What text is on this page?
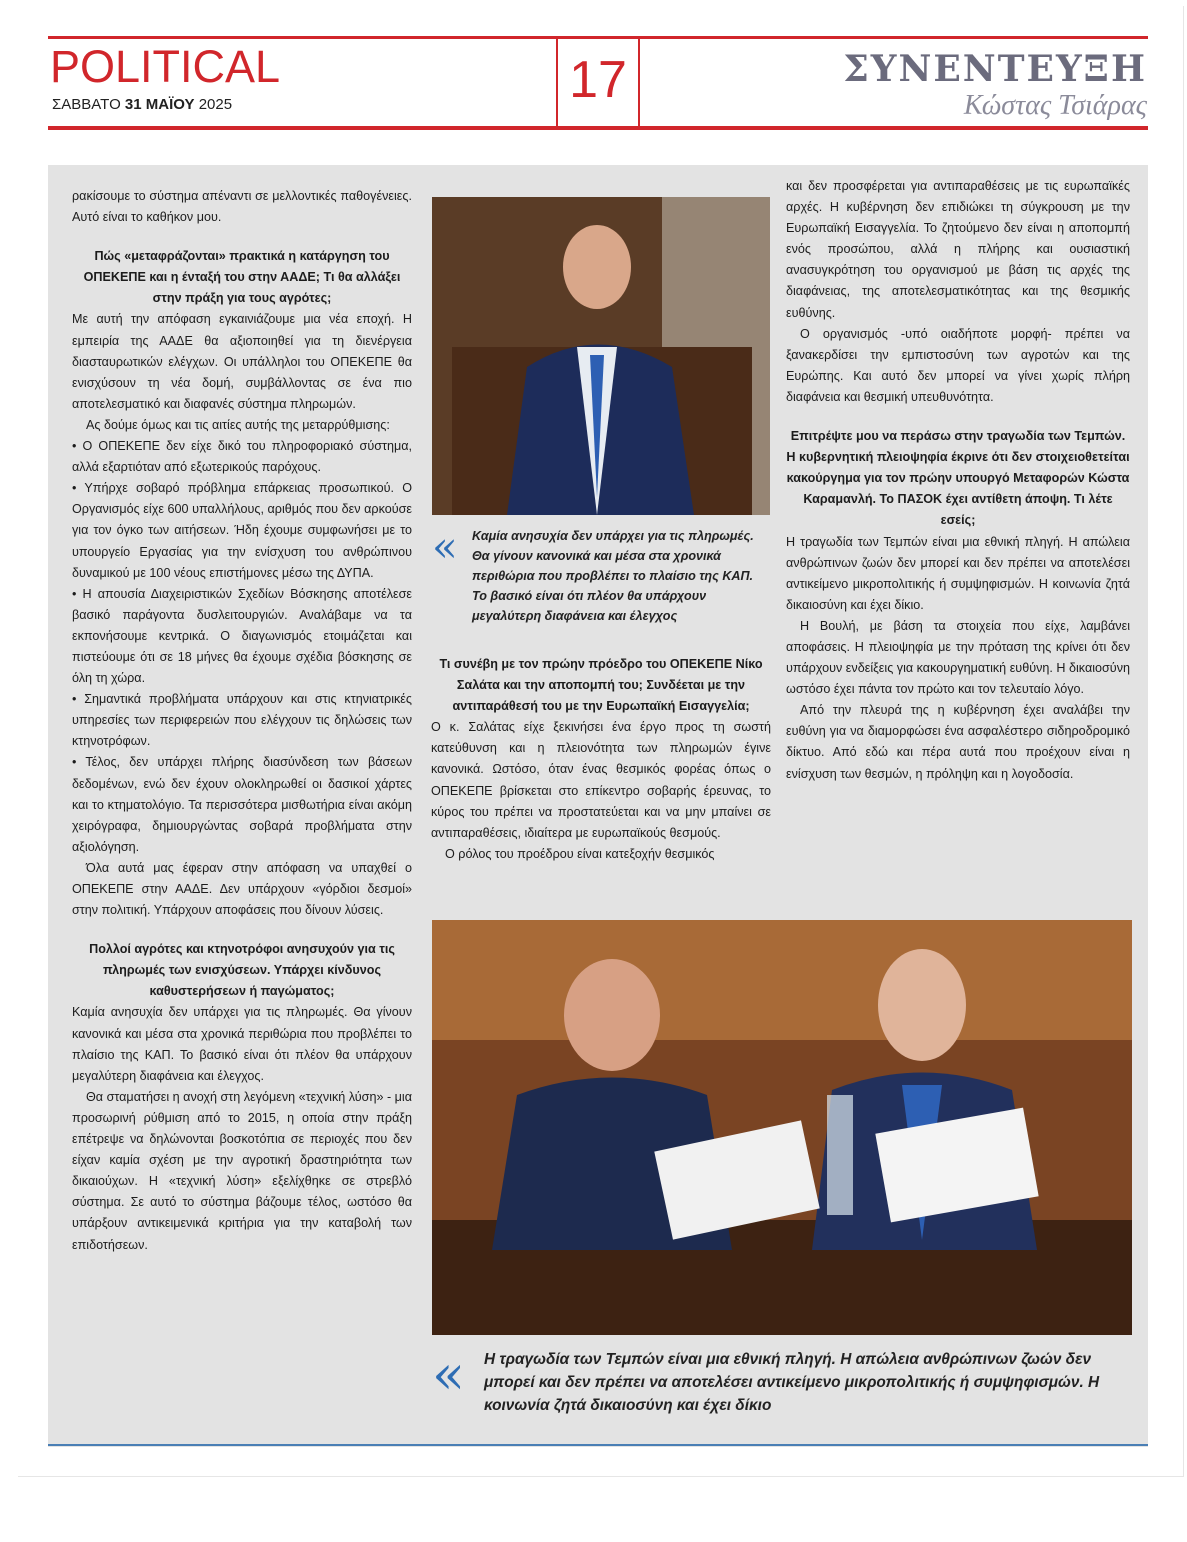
POLITICAL
ΣΑΒΒΑΤΟ 31 ΜΑΪΟΥ 2025	17	ΣΥΝΕΝΤΕΥΞΗ
Κώστας Τσιάρας

ρακίσουμε το σύστημα απέναντι σε μελλοντικές παθογένειες. Αυτό είναι το καθήκον μου.

Πώς «μεταφράζονται» πρακτικά η κατάργηση του ΟΠΕΚΕΠΕ και η ένταξή του στην ΑΑΔΕ; Τι θα αλλάξει στην πράξη για τους αγρότες;

Με αυτή την απόφαση εγκαινιάζουμε μια νέα εποχή. Η εμπειρία της ΑΑΔΕ θα αξιοποιηθεί για τη διενέργεια διασταυρωτικών ελέγχων. Οι υπάλληλοι του ΟΠΕΚΕΠΕ θα ενισχύσουν τη νέα δομή, συμβάλλοντας σε ένα πιο αποτελεσματικό και διαφανές σύστημα πληρωμών.

Ας δούμε όμως και τις αιτίες αυτής της μεταρρύθμισης:

• Ο ΟΠΕΚΕΠΕ δεν είχε δικό του πληροφοριακό σύστημα, αλλά εξαρτιόταν από εξωτερικούς παρόχους.

• Υπήρχε σοβαρό πρόβλημα επάρκειας προσωπικού. Ο Οργανισμός είχε 600 υπαλλήλους, αριθμός που δεν αρκούσε για τον όγκο των αιτήσεων. Ήδη έχουμε συμφωνήσει με το υπουργείο Εργασίας για την ενίσχυση του ανθρώπινου δυναμικού με 100 νέους επιστήμονες μέσω της ΔΥΠΑ.

• Η απουσία Διαχειριστικών Σχεδίων Βόσκησης αποτέλεσε βασικό παράγοντα δυσλειτουργιών. Αναλάβαμε να τα εκπονήσουμε κεντρικά. Ο διαγωνισμός ετοιμάζεται και πιστεύουμε ότι σε 18 μήνες θα έχουμε σχέδια βόσκησης σε όλη τη χώρα.

• Σημαντικά προβλήματα υπάρχουν και στις κτηνιατρικές υπηρεσίες των περιφερειών που ελέγχουν τις δηλώσεις των κτηνοτρόφων.

• Τέλος, δεν υπάρχει πλήρης διασύνδεση των βάσεων δεδομένων, ενώ δεν έχουν ολοκληρωθεί οι δασικοί χάρτες και το κτηματολόγιο. Τα περισσότερα μισθωτήρια είναι ακόμη χειρόγραφα, δημιουργώντας σοβαρά προβλήματα στην αξιολόγηση.

Όλα αυτά μας έφεραν στην απόφαση να υπαχθεί ο ΟΠΕΚΕΠΕ στην ΑΑΔΕ. Δεν υπάρχουν «γόρδιοι δεσμοί» στην πολιτική. Υπάρχουν αποφάσεις που δίνουν λύσεις.

Πολλοί αγρότες και κτηνοτρόφοι ανησυχούν για τις πληρωμές των ενισχύσεων. Υπάρχει κίνδυνος καθυστερήσεων ή παγώματος;

Καμία ανησυχία δεν υπάρχει για τις πληρωμές. Θα γίνουν κανονικά και μέσα στα χρονικά περιθώρια που προβλέπει το πλαίσιο της ΚΑΠ. Το βασικό είναι ότι πλέον θα υπάρχουν μεγαλύτερη διαφάνεια και έλεγχος.

Θα σταματήσει η ανοχή στη λεγόμενη «τεχνική λύση» - μια προσωρινή ρύθμιση από το 2015, η οποία στην πράξη επέτρεψε να δηλώνονται βοσκοτόπια σε περιοχές που δεν είχαν καμία σχέση με την αγροτική δραστηριότητα των δικαιούχων. Η «τεχνική λύση» εξελίχθηκε σε στρεβλό σύστημα. Σε αυτό το σύστημα βάζουμε τέλος, ωστόσο θα υπάρξουν αντικειμενικά κριτήρια για την καταβολή των επιδοτήσεων.

Τι συνέβη με τον πρώην πρόεδρο του ΟΠΕΚΕΠΕ Νίκο Σαλάτα και την αποπομπή του; Συνδέεται με την αντιπαράθεσή του με την Ευρωπαϊκή Εισαγγελία;

Ο κ. Σαλάτας είχε ξεκινήσει ένα έργο προς τη σωστή κατεύθυνση και η πλειονότητα των πληρωμών έγινε κανονικά. Ωστόσο, όταν ένας θεσμικός φορέας όπως ο ΟΠΕΚΕΠΕ βρίσκεται στο επίκεντρο σοβαρής έρευνας, το κύρος του πρέπει να προστατεύεται και να μην μπαίνει σε αντιπαραθέσεις, ιδιαίτερα με ευρωπαϊκούς θεσμούς.

Ο ρόλος του προέδρου είναι κατεξοχήν θεσμικός

και δεν προσφέρεται για αντιπαραθέσεις με τις ευρωπαϊκές αρχές. Η κυβέρνηση δεν επιδιώκει τη σύγκρουση με την Ευρωπαϊκή Εισαγγελία. Το ζητούμενο δεν είναι η αποπομπή ενός προσώπου, αλλά η πλήρης και ουσιαστική ανασυγκρότηση του οργανισμού με βάση τις αρχές της διαφάνειας, της αποτελεσματικότητας και της θεσμικής ευθύνης.

Ο οργανισμός -υπό οιαδήποτε μορφή- πρέπει να ξανακερδίσει την εμπιστοσύνη των αγροτών και της Ευρώπης. Και αυτό δεν μπορεί να γίνει χωρίς πλήρη διαφάνεια και θεσμική υπευθυνότητα.

Επιτρέψτε μου να περάσω στην τραγωδία των Τεμπών. Η κυβερνητική πλειοψηφία έκρινε ότι δεν στοιχειοθετείται κακούργημα για τον πρώην υπουργό Μεταφορών Κώστα Καραμανλή. Το ΠΑΣΟΚ έχει αντίθετη άποψη. Τι λέτε εσείς;

Η τραγωδία των Τεμπών είναι μια εθνική πληγή. Η απώλεια ανθρώπινων ζωών δεν μπορεί και δεν πρέπει να αποτελέσει αντικείμενο μικροπολιτικής ή συμψηφισμών. Η κοινωνία ζητά δικαιοσύνη και έχει δίκιο.

Η Βουλή, με βάση τα στοιχεία που είχε, λαμβάνει αποφάσεις. Η πλειοψηφία με την πρόταση της κρίνει ότι δεν υπάρχουν ενδείξεις για κακουργηματική ευθύνη. Η δικαιοσύνη ωστόσο έχει πάντα τον πρώτο και τον τελευταίο λόγο.

Από την πλευρά της η κυβέρνηση έχει αναλάβει την ευθύνη για να διαμορφώσει ένα ασφαλέστερο σιδηροδρομικό δίκτυο. Από εδώ και πέρα αυτά που προέχουν είναι η ενίσχυση των θεσμών, η πρόληψη και η λογοδοσία.

« Καμία ανησυχία δεν υπάρχει για τις πληρωμές. Θα γίνουν κανονικά και μέσα στα χρονικά περιθώρια που προβλέπει το πλαίσιο της ΚΑΠ. Το βασικό είναι ότι πλέον θα υπάρχουν μεγαλύτερη διαφάνεια και έλεγχος
« Η τραγωδία των Τεμπών είναι μια εθνική πληγή. Η απώλεια ανθρώπινων ζωών δεν μπορεί και δεν πρέπει να αποτελέσει αντικείμενο μικροπολιτικής ή συμψηφισμών. Η κοινωνία ζητά δικαιοσύνη και έχει δίκιο
